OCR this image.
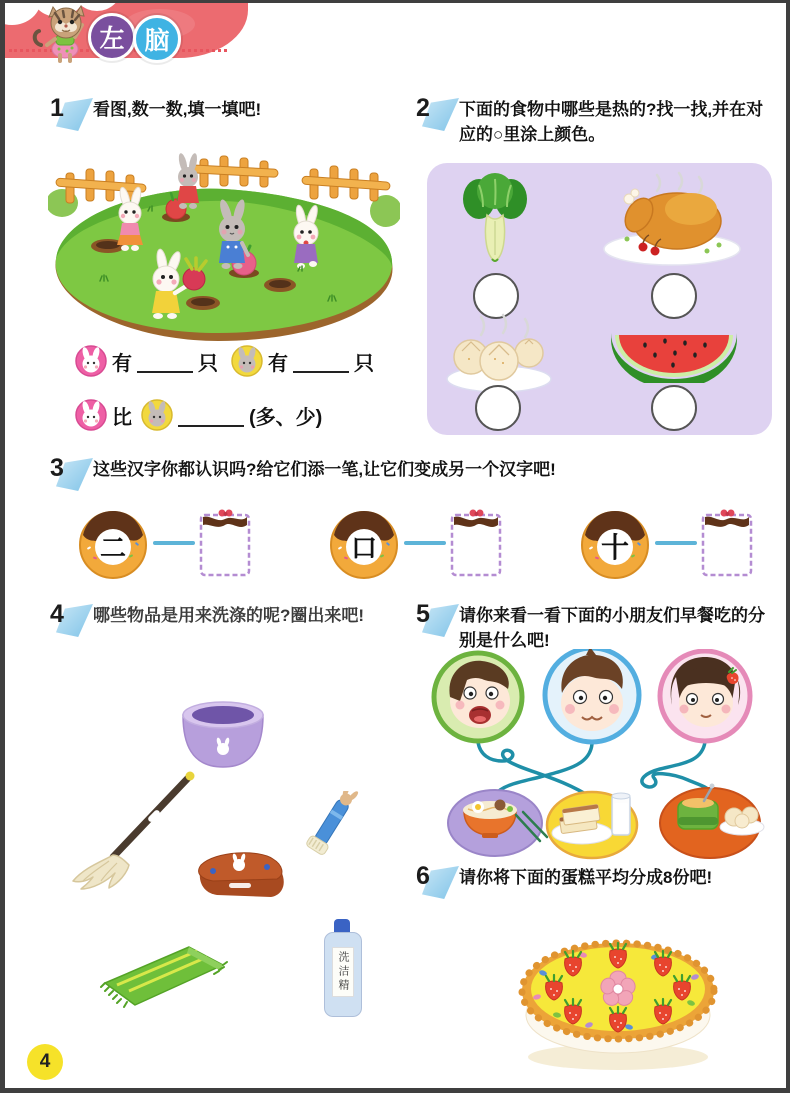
左 脑
1 看图,数一数,填一填吧!
有	只	有	只
比	(多、少)
2 下面的食物中哪些是热的?找一找,并在对应的○里涂上颜色。
3 这些汉字你都认识吗?给它们添一笔,让它们变成另一个汉字吧!
二	口	十
4 哪些物品是用来洗涤的呢?圈出来吧!
洗洁精
5 请你来看一看下面的小朋友们早餐吃的分别是什么吧!
6 请你将下面的蛋糕平均分成8份吧!
4
